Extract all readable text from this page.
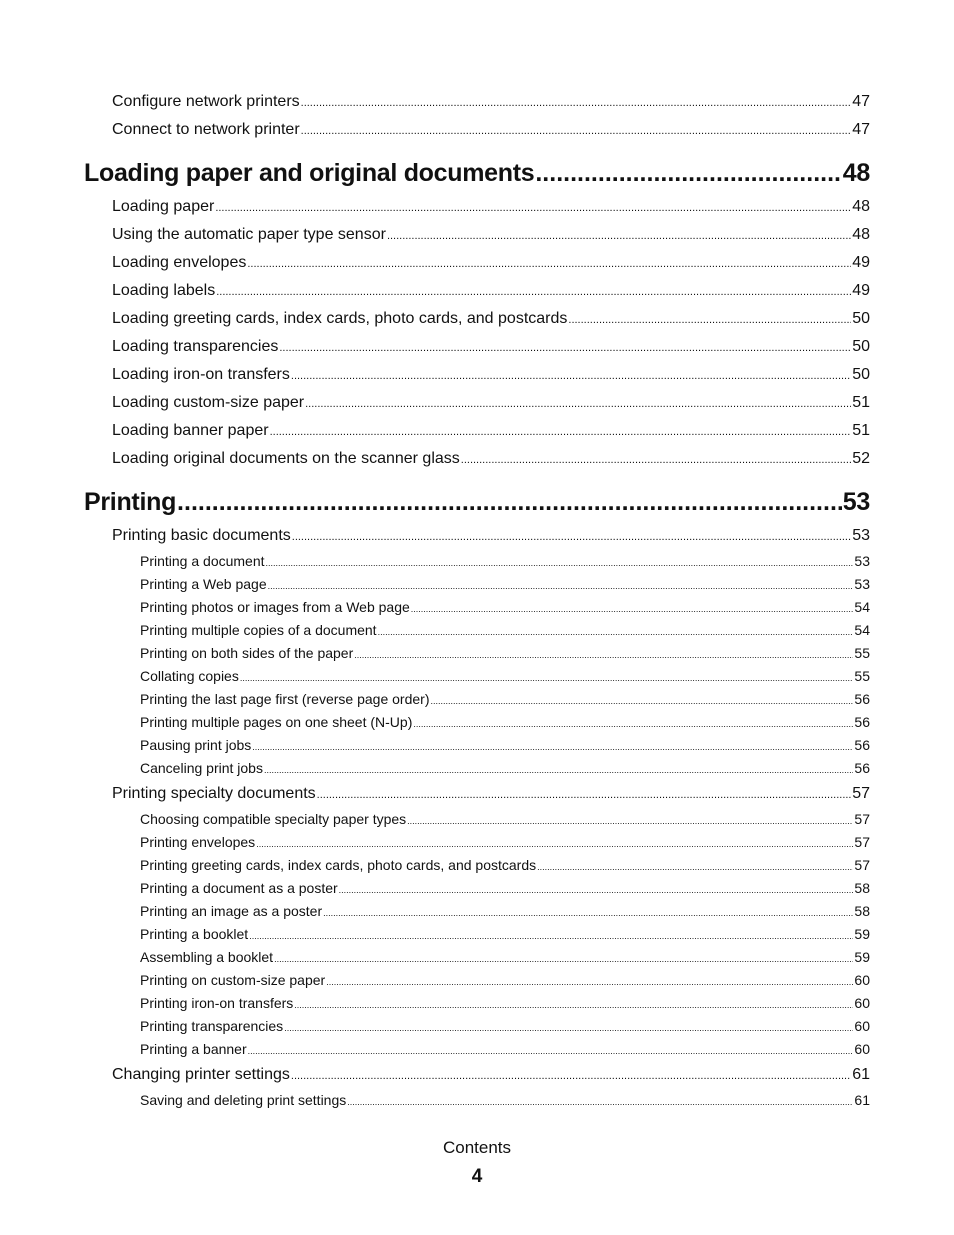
Configure network printers .....	47
Connect to network printer .....	47
Loading paper and original documents .....	48
Loading paper .....	48
Using the automatic paper type sensor .....	48
Loading envelopes .....	49
Loading labels .....	49
Loading greeting cards, index cards, photo cards, and postcards .....	50
Loading transparencies .....	50
Loading iron-on transfers .....	50
Loading custom-size paper .....	51
Loading banner paper .....	51
Loading original documents on the scanner glass .....	52
Printing .....	53
Printing basic documents .....	53
Printing a document .....	53
Printing a Web page .....	53
Printing photos or images from a Web page .....	54
Printing multiple copies of a document .....	54
Printing on both sides of the paper .....	55
Collating copies .....	55
Printing the last page first (reverse page order) .....	56
Printing multiple pages on one sheet (N-Up) .....	56
Pausing print jobs .....	56
Canceling print jobs .....	56
Printing specialty documents .....	57
Choosing compatible specialty paper types .....	57
Printing envelopes .....	57
Printing greeting cards, index cards, photo cards, and postcards .....	57
Printing a document as a poster .....	58
Printing an image as a poster .....	58
Printing a booklet .....	59
Assembling a booklet .....	59
Printing on custom-size paper .....	60
Printing iron-on transfers .....	60
Printing transparencies .....	60
Printing a banner .....	60
Changing printer settings .....	61
Saving and deleting print settings .....	61
Contents
4
